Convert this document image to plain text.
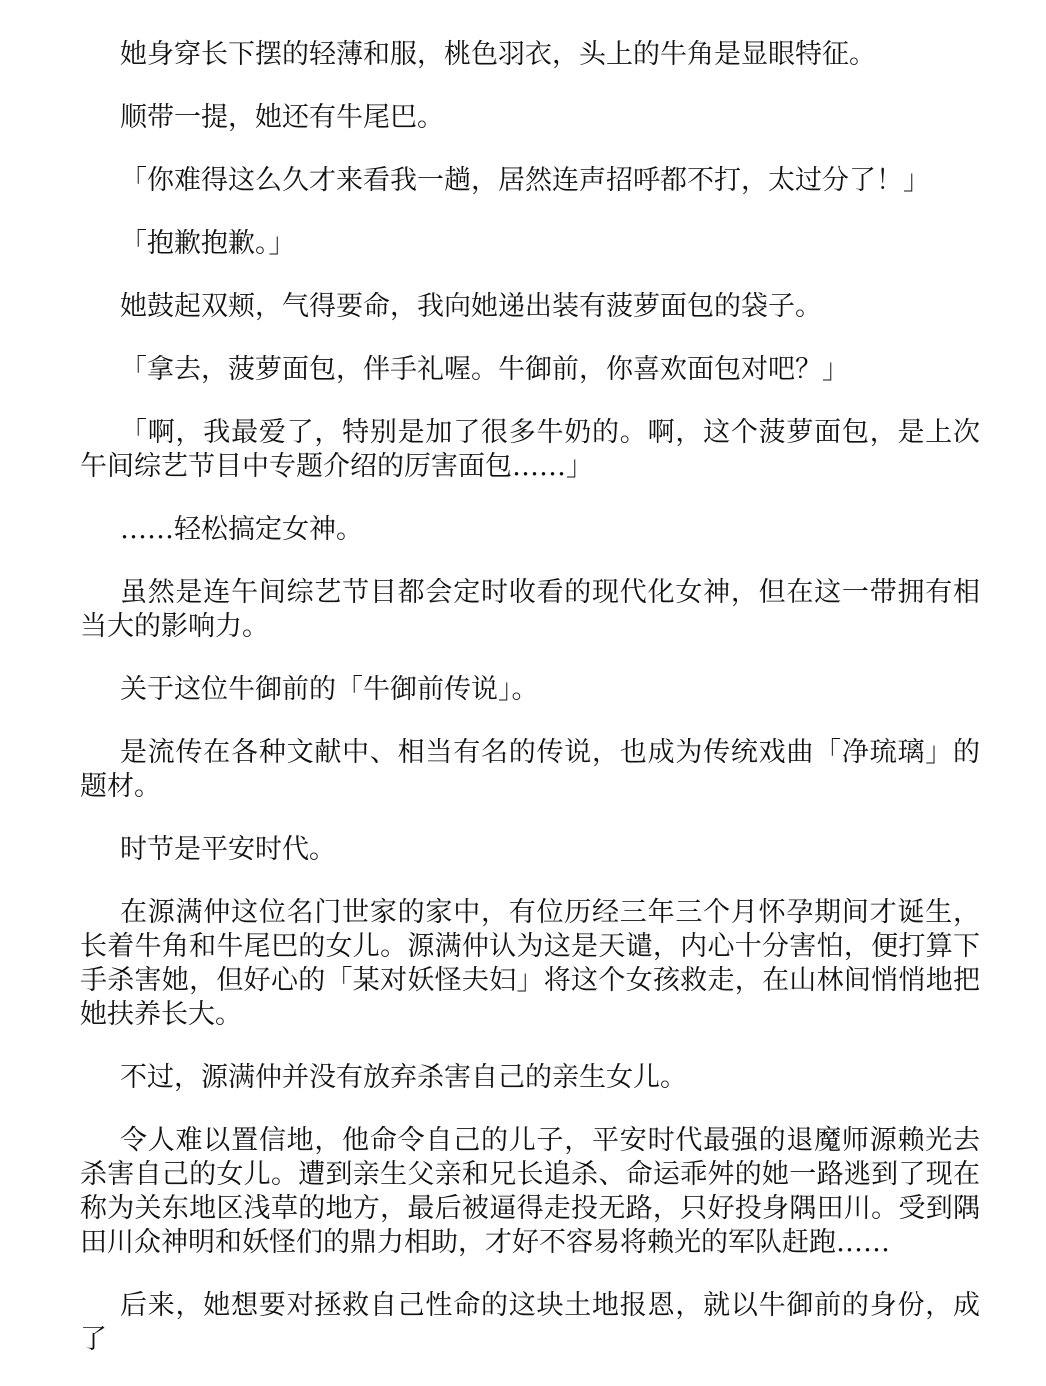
她身穿长下摆的轻薄和服，桃色羽衣，头上的牛角是显眼特征。

顺带一提，她还有牛尾巴。

「你难得这么久才来看我一趟，居然连声招呼都不打，太过分了！」

「抱歉抱歉。」

她鼓起双颊，气得要命，我向她递出装有菠萝面包的袋子。

「拿去，菠萝面包，伴手礼喔。牛御前，你喜欢面包对吧？」

「啊，我最爱了，特别是加了很多牛奶的。啊，这个菠萝面包，是上次午间综艺节目中专题介绍的厉害面包……」

……轻松搞定女神。

虽然是连午间综艺节目都会定时收看的现代化女神，但在这一带拥有相当大的影响力。

关于这位牛御前的「牛御前传说」。

是流传在各种文献中、相当有名的传说，也成为传统戏曲「净琉璃」的题材。

时节是平安时代。

在源满仲这位名门世家的家中，有位历经三年三个月怀孕期间才诞生，长着牛角和牛尾巴的女儿。源满仲认为这是天谴，内心十分害怕，便打算下手杀害她，但好心的「某对妖怪夫妇」将这个女孩救走，在山林间悄悄地把她扶养长大。

不过，源满仲并没有放弃杀害自己的亲生女儿。

令人难以置信地，他命令自己的儿子，平安时代最强的退魔师源赖光去杀害自己的女儿。遭到亲生父亲和兄长追杀、命运乖舛的她一路逃到了现在称为关东地区浅草的地方，最后被逼得走投无路，只好投身隅田川。受到隅田川众神明和妖怪们的鼎力相助，才好不容易将赖光的军队赶跑……

后来，她想要对拯救自己性命的这块土地报恩，就以牛御前的身份，成了
